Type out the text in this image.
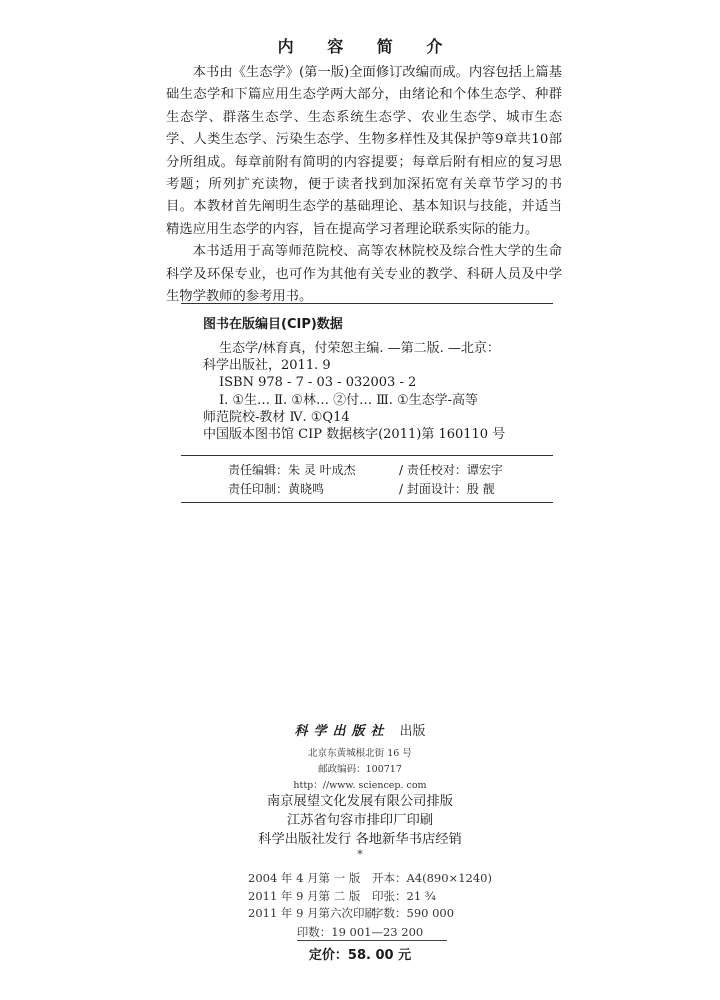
内 容 简 介

本书由《生态学》(第一版)全面修订改编而成。内容包括上篇基础生态学和下篇应用生态学两大部分，由绪论和个体生态学、种群生态学、群落生态学、生态系统生态学、农业生态学、城市生态学、人类生态学、污染生态学、生物多样性及其保护等9章共10部分所组成。每章前附有简明的内容提要；每章后附有相应的复习思考题；所列扩充读物，便于读者找到加深拓宽有关章节学习的书目。本教材首先阐明生态学的基础理论、基本知识与技能，并适当精选应用生态学的内容，旨在提高学习者理论联系实际的能力。

本书适用于高等师范院校、高等农林院校及综合性大学的生命科学及环保专业，也可作为其他有关专业的教学、科研人员及中学生物学教师的参考用书。

图书在版编目(CIP)数据
生态学/林育真，付荣恕主编. —第二版. —北京：
科学出版社，2011. 9
ISBN 978 - 7 - 03 - 032003 - 2
Ⅰ. ①生… Ⅱ. ①林… ②付… Ⅲ. ①生态学-高等
师范院校-教材 Ⅳ. ①Q14
中国版本图书馆 CIP 数据核字(2011)第 160110 号
责任编辑：朱 灵 叶成杰	/ 责任校对：谭宏宇
责任印制：黄晓鸣	/ 封面设计：殷 靓
科学出版社 出版
北京东黄城根北街 16 号
邮政编码：100717
http：//www. sciencep. com
南京展望文化发展有限公司排版
江苏省句容市排印厂印刷
科学出版社发行 各地新华书店经销
*
2004 年 4 月第 一 版 开本：A4(890×1240)
2011 年 9 月第 二 版 印张：21 ¾
2011 年 9 月第六次印刷字数：590 000
印数：19 001—23 200
定价：58. 00 元
